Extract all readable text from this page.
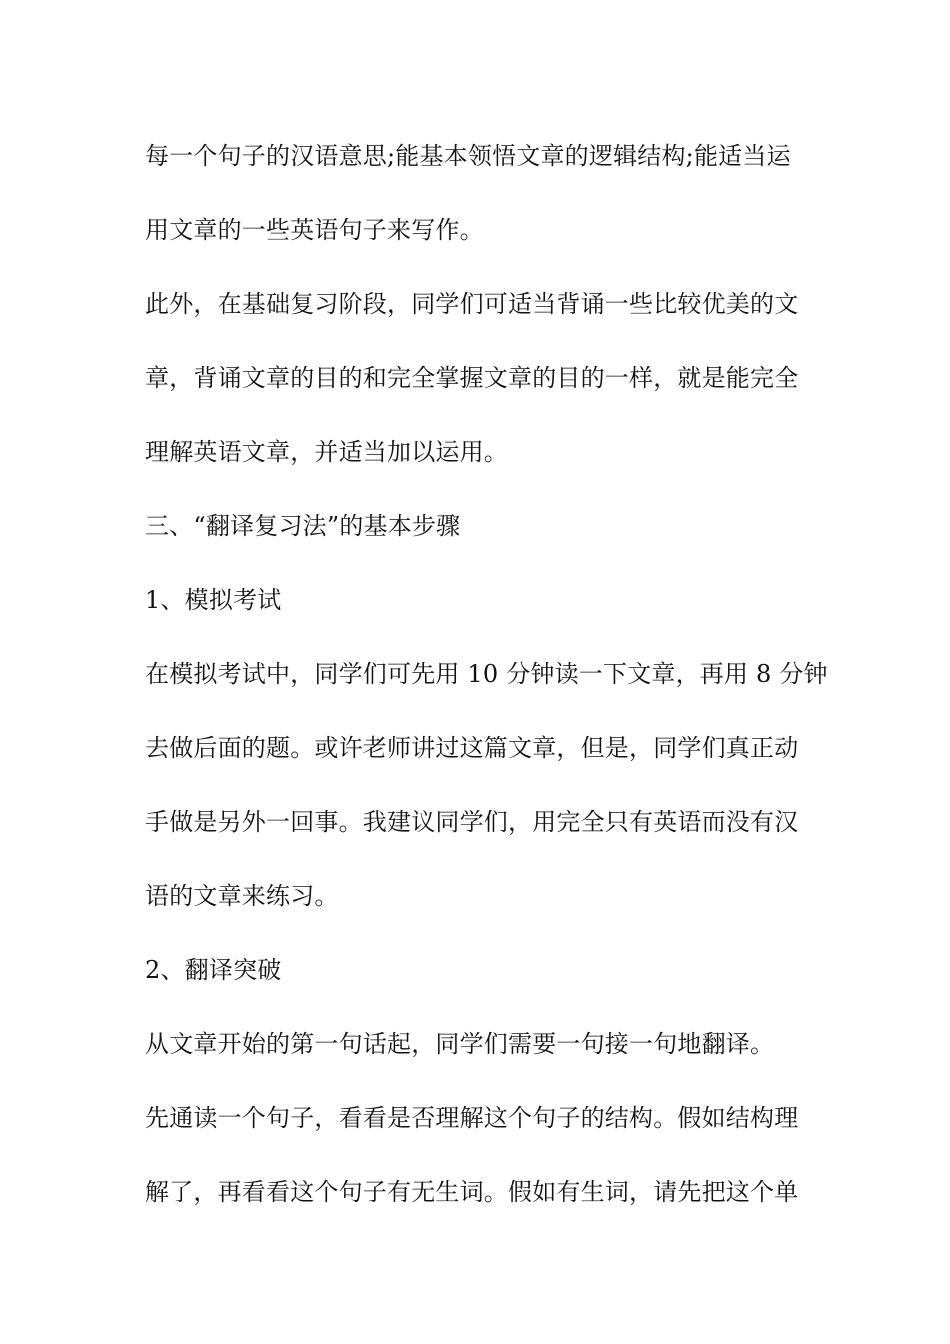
每一个句子的汉语意思;能基本领悟文章的逻辑结构;能适当运
用文章的一些英语句子来写作。
此外，在基础复习阶段，同学们可适当背诵一些比较优美的文
章，背诵文章的目的和完全掌握文章的目的一样，就是能完全
理解英语文章，并适当加以运用。
三、“翻译复习法”的基本步骤
1、模拟考试
在模拟考试中，同学们可先用 10 分钟读一下文章，再用 8 分钟
去做后面的题。或许老师讲过这篇文章，但是，同学们真正动
手做是另外一回事。我建议同学们，用完全只有英语而没有汉
语的文章来练习。
2、翻译突破
从文章开始的第一句话起，同学们需要一句接一句地翻译。
先通读一个句子，看看是否理解这个句子的结构。假如结构理
解了，再看看这个句子有无生词。假如有生词，请先把这个单
